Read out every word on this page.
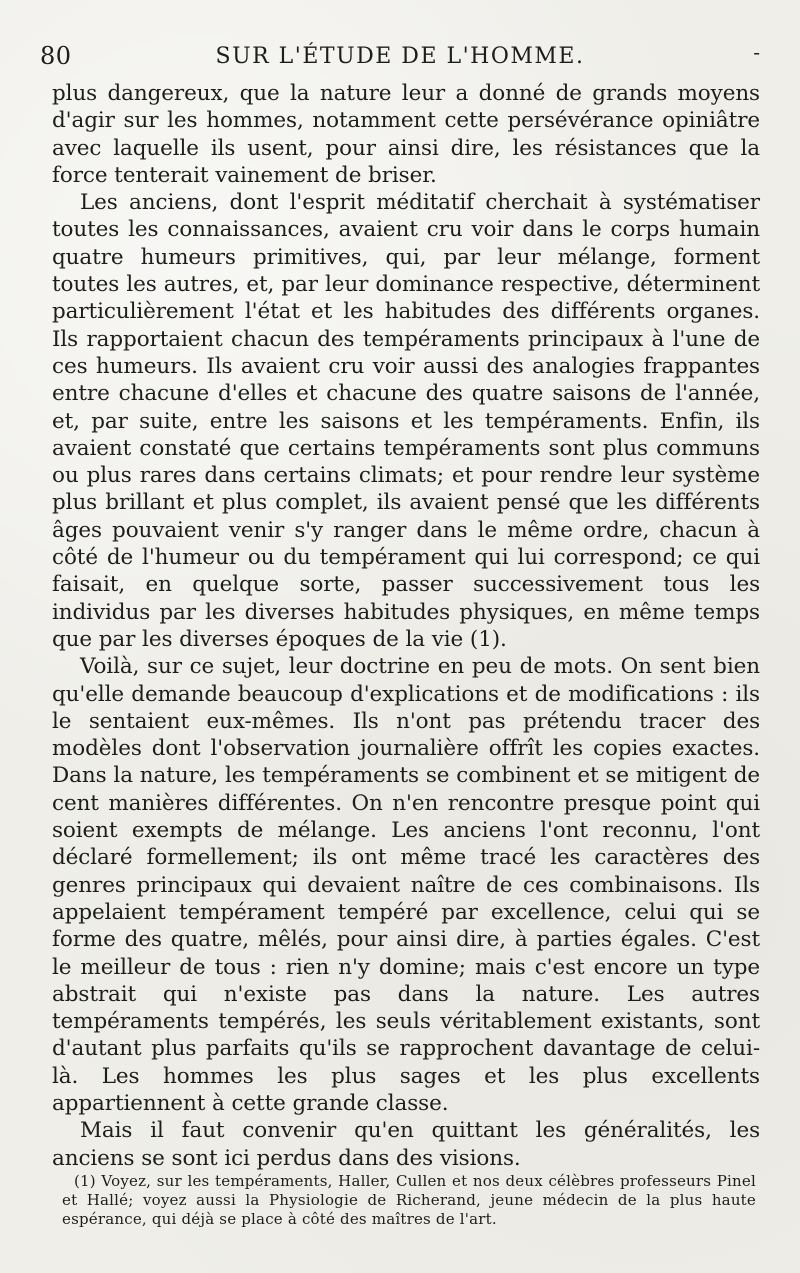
80	SUR L'ÉTUDE DE L'HOMME.	-

plus dangereux, que la nature leur a donné de grands moyens d'agir sur les hommes, notamment cette persévérance opiniâtre avec laquelle ils usent, pour ainsi dire, les résistances que la force tenterait vainement de briser.

Les anciens, dont l'esprit méditatif cherchait à systématiser toutes les connaissances, avaient cru voir dans le corps humain quatre humeurs primitives, qui, par leur mélange, forment toutes les autres, et, par leur dominance respective, déterminent particulièrement l'état et les habitudes des différents organes. Ils rapportaient chacun des tempéraments principaux à l'une de ces humeurs. Ils avaient cru voir aussi des analogies frappantes entre chacune d'elles et chacune des quatre saisons de l'année, et, par suite, entre les saisons et les tempéraments. Enfin, ils avaient constaté que certains tempéraments sont plus communs ou plus rares dans certains climats; et pour rendre leur système plus brillant et plus complet, ils avaient pensé que les différents âges pouvaient venir s'y ranger dans le même ordre, chacun à côté de l'humeur ou du tempérament qui lui correspond; ce qui faisait, en quelque sorte, passer successivement tous les individus par les diverses habitudes physiques, en même temps que par les diverses époques de la vie (1).

Voilà, sur ce sujet, leur doctrine en peu de mots. On sent bien qu'elle demande beaucoup d'explications et de modifications : ils le sentaient eux-mêmes. Ils n'ont pas prétendu tracer des modèles dont l'observation journalière offrît les copies exactes. Dans la nature, les tempéraments se combinent et se mitigent de cent manières différentes. On n'en rencontre presque point qui soient exempts de mélange. Les anciens l'ont reconnu, l'ont déclaré formellement; ils ont même tracé les caractères des genres principaux qui devaient naître de ces combinaisons. Ils appelaient tempérament tempéré par excellence, celui qui se forme des quatre, mêlés, pour ainsi dire, à parties égales. C'est le meilleur de tous : rien n'y domine; mais c'est encore un type abstrait qui n'existe pas dans la nature. Les autres tempéraments tempérés, les seuls véritablement existants, sont d'autant plus parfaits qu'ils se rapprochent davantage de celui-là. Les hommes les plus sages et les plus excellents appartiennent à cette grande classe.

Mais il faut convenir qu'en quittant les généralités, les anciens se sont ici perdus dans des visions.

(1) Voyez, sur les tempéraments, Haller, Cullen et nos deux célèbres professeurs Pinel et Hallé; voyez aussi la Physiologie de Richerand, jeune médecin de la plus haute espérance, qui déjà se place à côté des maîtres de l'art.
